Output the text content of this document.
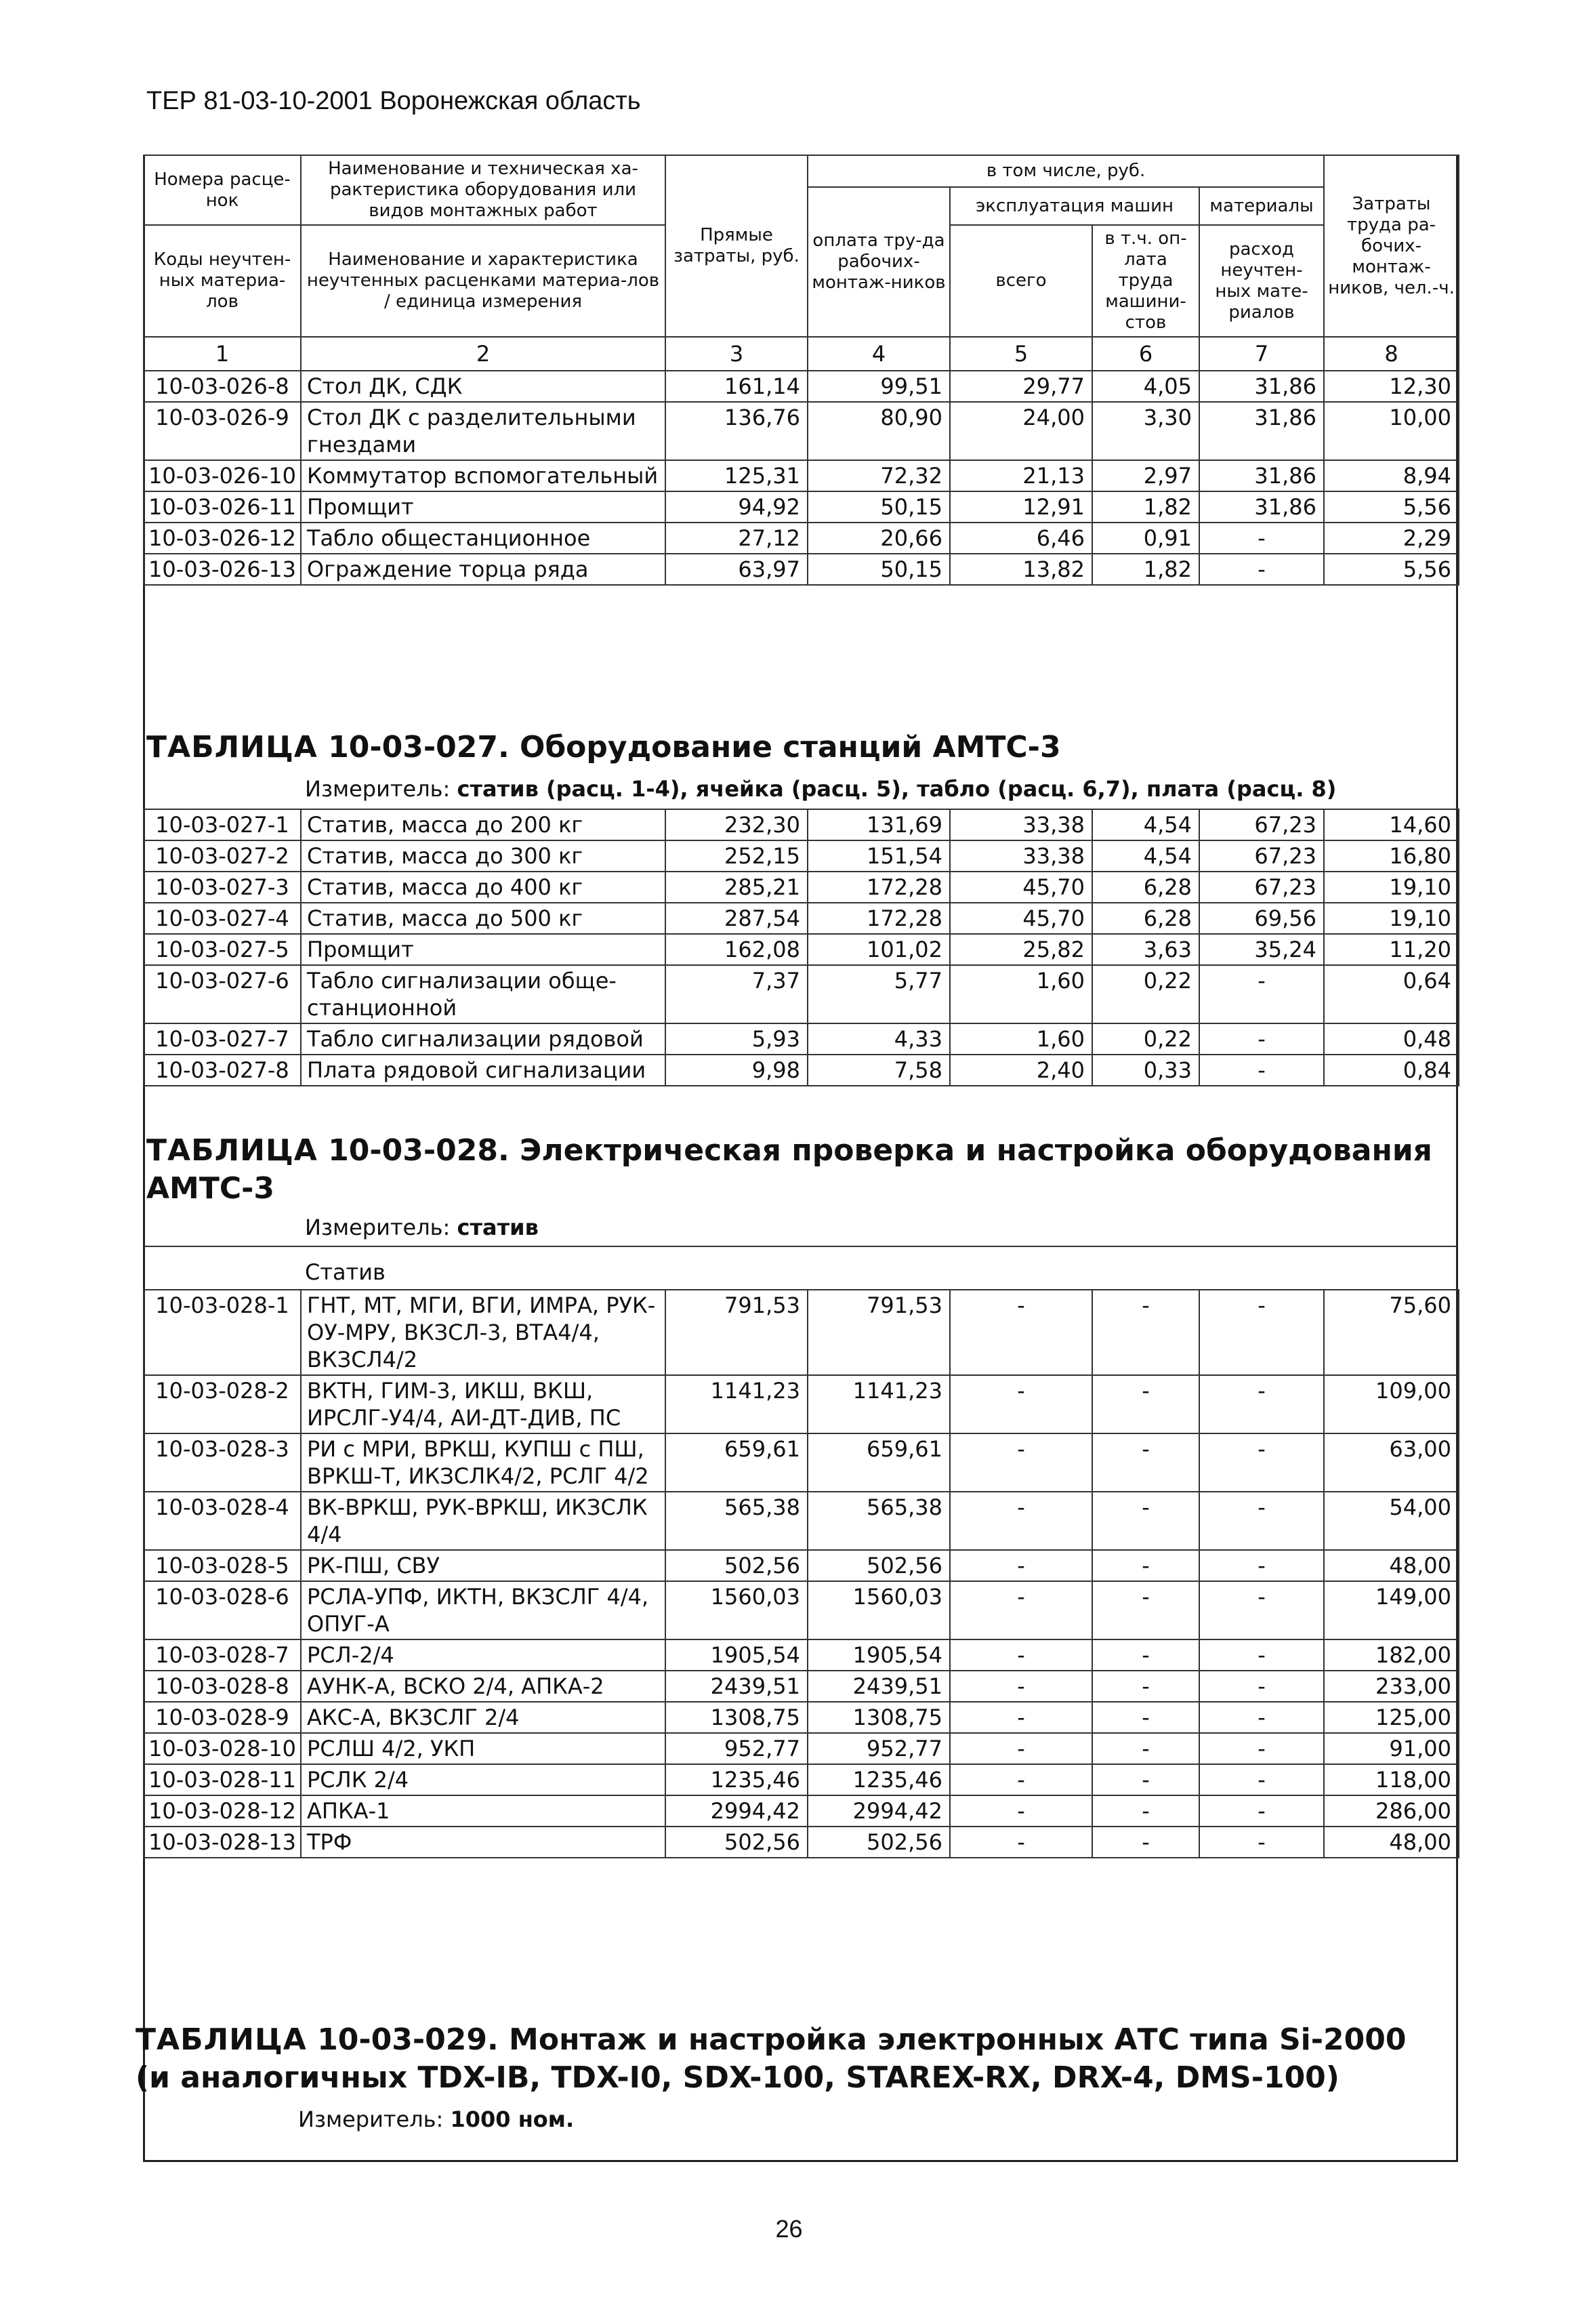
ТЕР 81-03-10-2001 Воронежская область
Номера расце-нок	Наименование и техническая ха-рактеристика оборудования или видов монтажных работ	Прямые затраты, руб.	в том числе, руб.				Затраты труда ра-бочих-монтаж-ников, чел.-ч.
			оплата тру-да рабочих-монтаж-ников	эксплуатация машин		материалы	
Коды неучтен-ных материа-лов	Наименование и характеристика неучтенных расценками материа-лов / единица измерения			всего	в т.ч. оп-лата труда машини-стов	расход неучтен-ных мате-риалов	

1	2	3	4	5	6	7	8
10-03-026-8	Стол ДК, СДК	161,14	99,51	29,77	4,05	31,86	12,30
10-03-026-9	Стол ДК с разделительными гнездами	136,76	80,90	24,00	3,30	31,86	10,00
10-03-026-10	Коммутатор вспомогательный	125,31	72,32	21,13	2,97	31,86	8,94
10-03-026-11	Промщит	94,92	50,15	12,91	1,82	31,86	5,56
10-03-026-12	Табло общестанционное	27,12	20,66	6,46	0,91	-	2,29
10-03-026-13	Ограждение торца ряда	63,97	50,15	13,82	1,82	-	5,56
ТАБЛИЦА 10-03-027. Оборудование станций АМТС-3
Измеритель: статив (расц. 1-4), ячейка (расц. 5), табло (расц. 6,7), плата (расц. 8)
10-03-027-1	Статив, масса до 200 кг	232,30	131,69	33,38	4,54	67,23	14,60
10-03-027-2	Статив, масса до 300 кг	252,15	151,54	33,38	4,54	67,23	16,80
10-03-027-3	Статив, масса до 400 кг	285,21	172,28	45,70	6,28	67,23	19,10
10-03-027-4	Статив, масса до 500 кг	287,54	172,28	45,70	6,28	69,56	19,10
10-03-027-5	Промщит	162,08	101,02	25,82	3,63	35,24	11,20
10-03-027-6	Табло сигнализации обще-станционной	7,37	5,77	1,60	0,22	-	0,64
10-03-027-7	Табло сигнализации рядовой	5,93	4,33	1,60	0,22	-	0,48
10-03-027-8	Плата рядовой сигнализации	9,98	7,58	2,40	0,33	-	0,84
ТАБЛИЦА 10-03-028. Электрическая проверка и настройка оборудования АМТС-3
Измеритель: статив
Статив
10-03-028-1	ГНТ, МТ, МГИ, ВГИ, ИМРА, РУК-ОУ-МРУ, ВКЗСЛ-3, ВТА4/4, ВКЗСЛ4/2	791,53	791,53	-	-	-	75,60
10-03-028-2	ВКТН, ГИМ-3, ИКШ, ВКШ, ИРСЛГ-У4/4, АИ-ДТ-ДИВ, ПС	1141,23	1141,23	-	-	-	109,00
10-03-028-3	РИ с МРИ, ВРКШ, КУПШ с ПШ, ВРКШ-Т, ИКЗСЛК4/2, РСЛГ 4/2	659,61	659,61	-	-	-	63,00
10-03-028-4	ВК-ВРКШ, РУК-ВРКШ, ИКЗСЛК 4/4	565,38	565,38	-	-	-	54,00
10-03-028-5	РК-ПШ, СВУ	502,56	502,56	-	-	-	48,00
10-03-028-6	РСЛА-УПФ, ИКТН, ВКЗСЛГ 4/4, ОПУГ-А	1560,03	1560,03	-	-	-	149,00
10-03-028-7	РСЛ-2/4	1905,54	1905,54	-	-	-	182,00
10-03-028-8	АУНК-А, ВСКО 2/4, АПКА-2	2439,51	2439,51	-	-	-	233,00
10-03-028-9	АКС-А, ВКЗСЛГ 2/4	1308,75	1308,75	-	-	-	125,00
10-03-028-10	РСЛШ 4/2, УКП	952,77	952,77	-	-	-	91,00
10-03-028-11	РСЛК 2/4	1235,46	1235,46	-	-	-	118,00
10-03-028-12	АПКА-1	2994,42	2994,42	-	-	-	286,00
10-03-028-13	ТРФ	502,56	502,56	-	-	-	48,00
ТАБЛИЦА 10-03-029. Монтаж и настройка электронных АТС типа Si-2000 (и аналогичных TDX-IB, TDX-I0, SDX-100, STAREX-RX, DRX-4, DMS-100)
Измеритель: 1000 ном.
26
